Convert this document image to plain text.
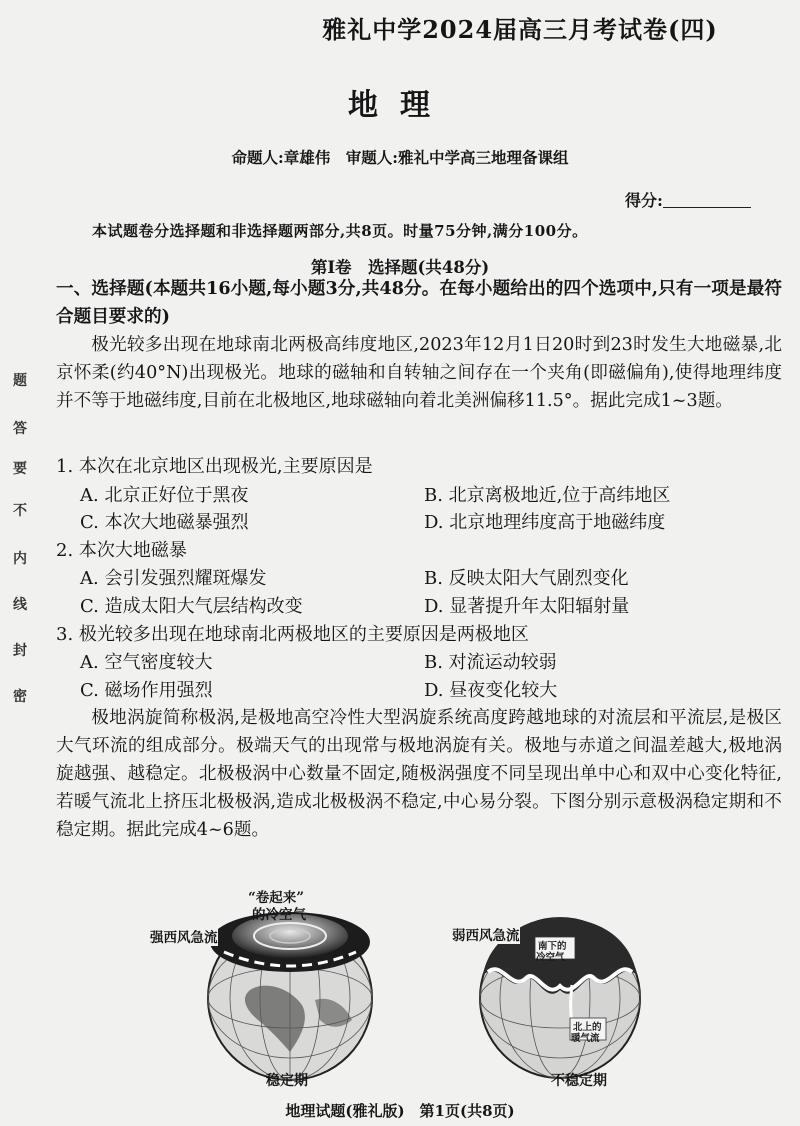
雅礼中学2024届高三月考试卷(四)
地理
命题人:章雄伟　审题人:雅礼中学高三地理备课组
得分:
本试题卷分选择题和非选择题两部分,共8页。时量75分钟,满分100分。
第Ⅰ卷　选择题(共48分)

一、选择题(本题共16小题,每小题3分,共48分。在每小题给出的四个选项中,只有一项是最符合题目要求的)

极光较多出现在地球南北两极高纬度地区,2023年12月1日20时到23时发生大地磁暴,北京怀柔(约40°N)出现极光。地球的磁轴和自转轴之间存在一个夹角(即磁偏角),使得地理纬度并不等于地磁纬度,目前在北极地区,地球磁轴向着北美洲偏移11.5°。据此完成1~3题。

1. 本次在北京地区出现极光,主要原因是

A. 北京正好位于黑夜	B. 北京离极地近,位于高纬地区

C. 本次大地磁暴强烈	D. 北京地理纬度高于地磁纬度

2. 本次大地磁暴

A. 会引发强烈耀斑爆发	B. 反映太阳大气剧烈变化

C. 造成太阳大气层结构改变	D. 显著提升年太阳辐射量

3. 极光较多出现在地球南北两极地区的主要原因是两极地区

A. 空气密度较大	B. 对流运动较弱

C. 磁场作用强烈	D. 昼夜变化较大

极地涡旋简称极涡,是极地高空冷性大型涡旋系统高度跨越地球的对流层和平流层,是极区大气环流的组成部分。极端天气的出现常与极地涡旋有关。极地与赤道之间温差越大,极地涡旋越强、越稳定。北极极涡中心数量不固定,随极涡强度不同呈现出单中心和双中心变化特征,若暖气流北上挤压北极极涡,造成北极极涡不稳定,中心易分裂。下图分别示意极涡稳定期和不稳定期。据此完成4~6题。

题
答
要
不
内
线
封
密
“卷起来”
的冷空气
强西风急流	弱西风急流
南下的
冷空气
北上的
暖气流
稳定期	不稳定期
地理试题(雅礼版)　第1页(共8页)
